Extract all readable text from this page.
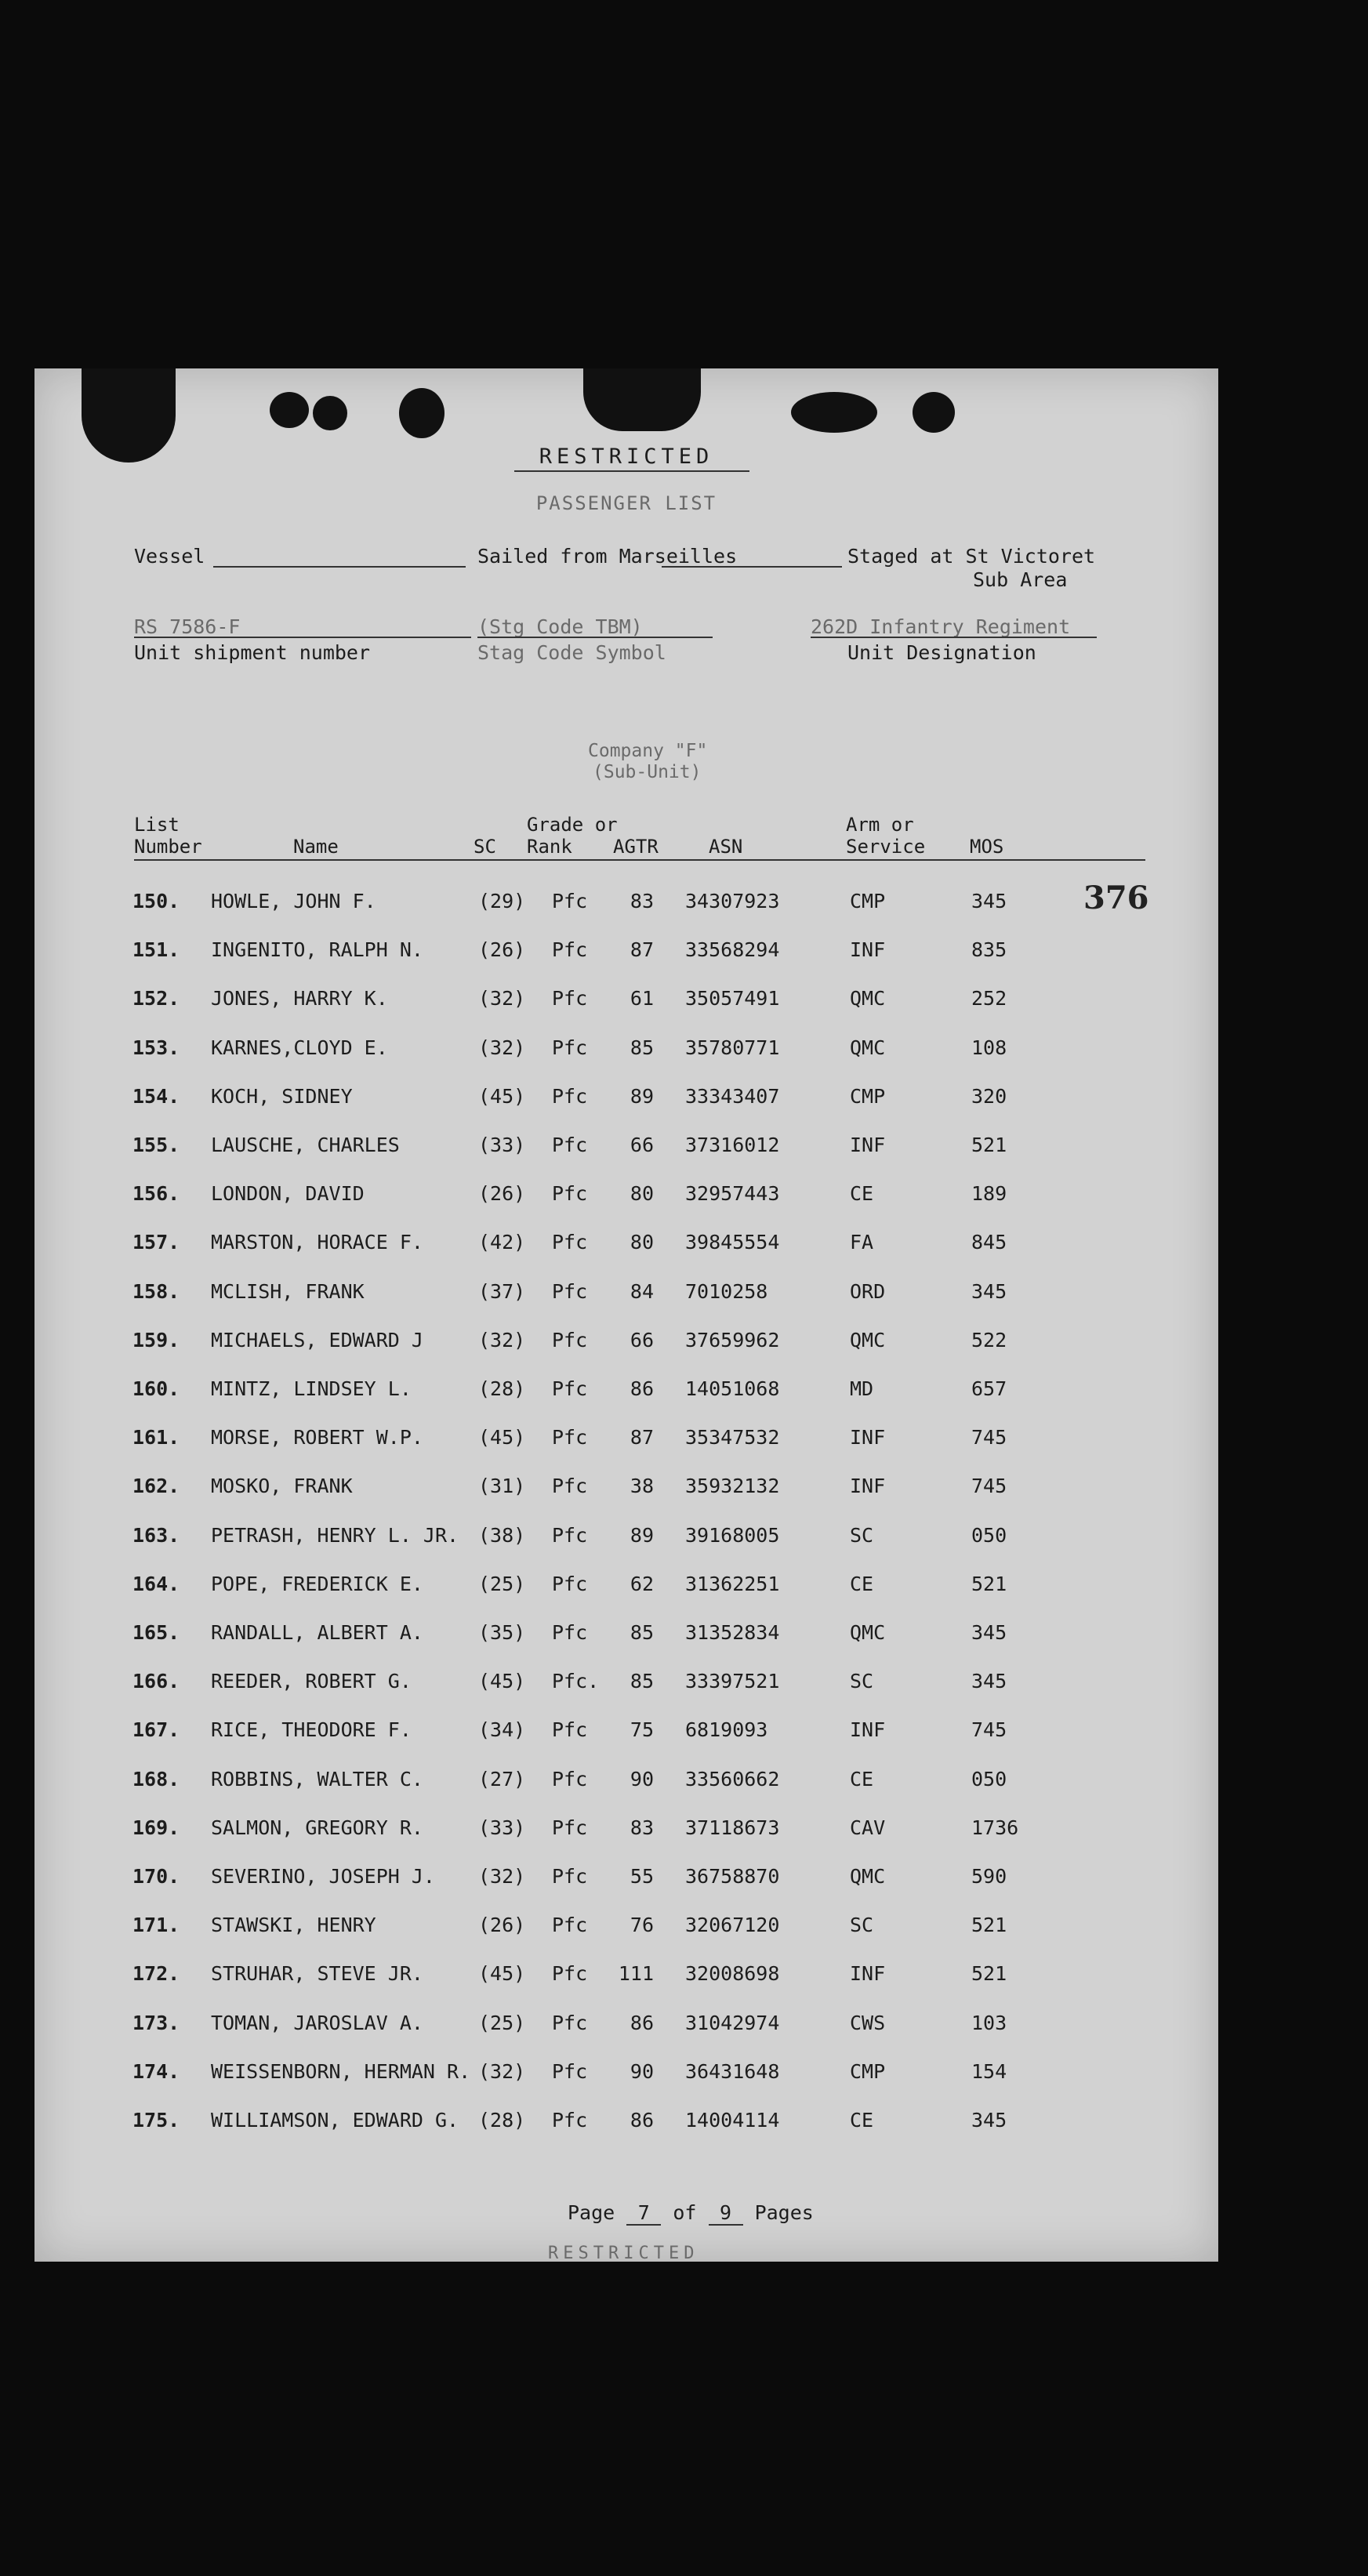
RESTRICTED
PASSENGER LIST
Vessel	Sailed from Marseilles	Staged at St Victoret
Sub Area
RS 7586-F
Unit shipment number
(Stg Code TBM)
Stag Code Symbol
262D Infantry Regiment
Unit Designation
Company "F"
(Sub-Unit)
376
List
Number	Name	SC
Grade or
Rank AGTR	ASN
Arm or
Service MOS
150. HOWLE, JOHN F.	(29) Pfc	83 34307923	CMP	345
151. INGENITO, RALPH N.	(26) Pfc	87 33568294	INF	835
152. JONES, HARRY K.	(32) Pfc	61 35057491	QMC	252
153. KARNES,CLOYD E.	(32) Pfc	85 35780771	QMC	108
154. KOCH, SIDNEY	(45) Pfc	89 33343407	CMP	320
155. LAUSCHE, CHARLES	(33) Pfc	66 37316012	INF	521
156. LONDON, DAVID	(26) Pfc	80 32957443	CE	189
157. MARSTON, HORACE F.	(42) Pfc	80 39845554	FA	845
158. MCLISH, FRANK	(37) Pfc	84 7010258	ORD	345
159. MICHAELS, EDWARD J	(32) Pfc	66 37659962	QMC	522
160. MINTZ, LINDSEY L.	(28) Pfc	86 14051068	MD	657
161. MORSE, ROBERT W.P.	(45) Pfc	87 35347532	INF	745
162. MOSKO, FRANK	(31) Pfc	38 35932132	INF	745
163. PETRASH, HENRY L. JR. (38) Pfc	89 39168005	SC	050
164. POPE, FREDERICK E.	(25) Pfc	62 31362251	CE	521
165. RANDALL, ALBERT A.	(35) Pfc	85 31352834	QMC	345
166. REEDER, ROBERT G.	(45) Pfc.	85 33397521	SC	345
167. RICE, THEODORE F.	(34) Pfc	75 6819093	INF	745
168. ROBBINS, WALTER C.	(27) Pfc	90 33560662	CE	050
169. SALMON, GREGORY R.	(33) Pfc	83 37118673	CAV	1736
170. SEVERINO, JOSEPH J. (32) Pfc	55 36758870	QMC	590
171. STAWSKI, HENRY	(26) Pfc	76 32067120	SC	521
172. STRUHAR, STEVE JR.	(45) Pfc 111 32008698	INF	521
173. TOMAN, JAROSLAV A.	(25) Pfc	86 31042974	CWS	103
174. WEISSENBORN, HERMAN R. (32) Pfc	90 36431648	CMP	154
175. WILLIAMSON, EDWARD G. (28) Pfc	86 14004114	CE	345
Page 7 of 9 Pages
RESTRICTED
